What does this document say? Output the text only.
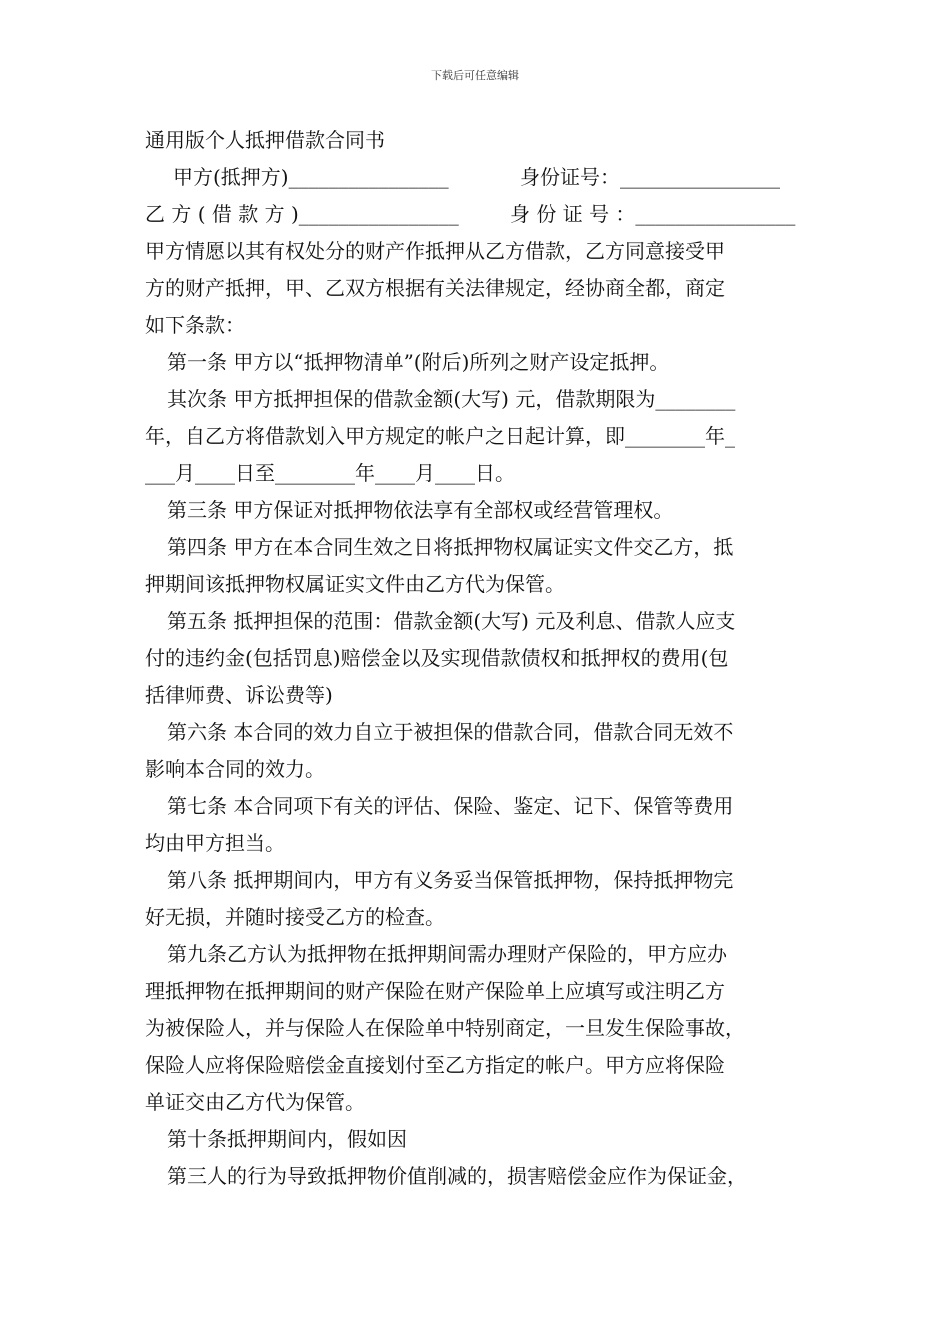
下载后可任意编辑
通用版个人抵押借款合同书
甲方(抵押方)________________	身份证号：________________
乙 方 ( 借 款 方 )________________	身 份 证 号 ：________________
甲方情愿以其有权处分的财产作抵押从乙方借款，乙方同意接受甲
方的财产抵押，甲、乙双方根据有关法律规定，经协商全都，商定
如下条款：
第一条 甲方以“抵押物清单”(附后)所列之财产设定抵押。
其次条 甲方抵押担保的借款金额(大写) 元，借款期限为________
年，自乙方将借款划入甲方规定的帐户之日起计算，即________年_
___月____日至________年____月____日。
第三条 甲方保证对抵押物依法享有全部权或经营管理权。
第四条 甲方在本合同生效之日将抵押物权属证实文件交乙方，抵
押期间该抵押物权属证实文件由乙方代为保管。
第五条 抵押担保的范围：借款金额(大写) 元及利息、借款人应支
付的违约金(包括罚息)赔偿金以及实现借款债权和抵押权的费用(包
括律师费、诉讼费等)
第六条 本合同的效力自立于被担保的借款合同，借款合同无效不
影响本合同的效力。
第七条 本合同项下有关的评估、保险、鉴定、记下、保管等费用
均由甲方担当。
第八条 抵押期间内，甲方有义务妥当保管抵押物，保持抵押物完
好无损，并随时接受乙方的检查。
第九条乙方认为抵押物在抵押期间需办理财产保险的，甲方应办
理抵押物在抵押期间的财产保险在财产保险单上应填写或注明乙方
为被保险人，并与保险人在保险单中特别商定，一旦发生保险事故，
保险人应将保险赔偿金直接划付至乙方指定的帐户。甲方应将保险
单证交由乙方代为保管。
第十条抵押期间内，假如因
第三人的行为导致抵押物价值削减的，损害赔偿金应作为保证金，
